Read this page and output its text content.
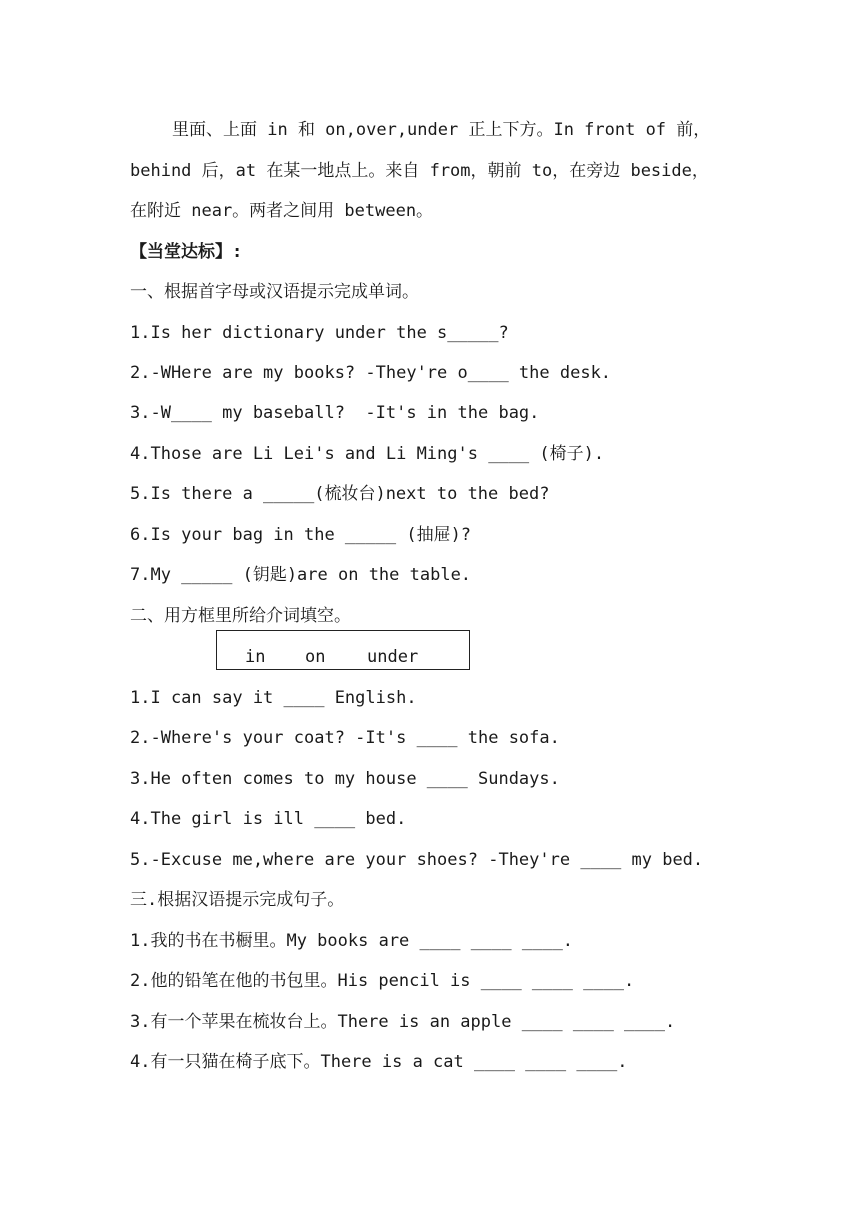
里面、上面 in 和 on,over,under 正上下方。In front of 前，
behind 后，at 在某一地点上。来自 from，朝前 to，在旁边 beside，
在附近 near。两者之间用 between。
【当堂达标】:
一、根据首字母或汉语提示完成单词。
1.Is her dictionary under the s_____?
2.-WHere are my books? -They're o____ the desk.
3.-W____ my baseball?  -It's in the bag.
4.Those are Li Lei's and Li Ming's ____ (椅子).
5.Is there a _____(梳妆台)next to the bed?
6.Is your bag in the _____ (抽屉)?
7.My _____ (钥匙)are on the table.
二、用方框里所给介词填空。
in on under
1.I can say it ____ English.
2.-Where's your coat? -It's ____ the sofa.
3.He often comes to my house ____ Sundays.
4.The girl is ill ____ bed.
5.-Excuse me,where are your shoes? -They're ____ my bed.
三.根据汉语提示完成句子。
1.我的书在书橱里。My books are ____ ____ ____.
2.他的铅笔在他的书包里。His pencil is ____ ____ ____.
3.有一个苹果在梳妆台上。There is an apple ____ ____ ____.
4.有一只猫在椅子底下。There is a cat ____ ____ ____.
